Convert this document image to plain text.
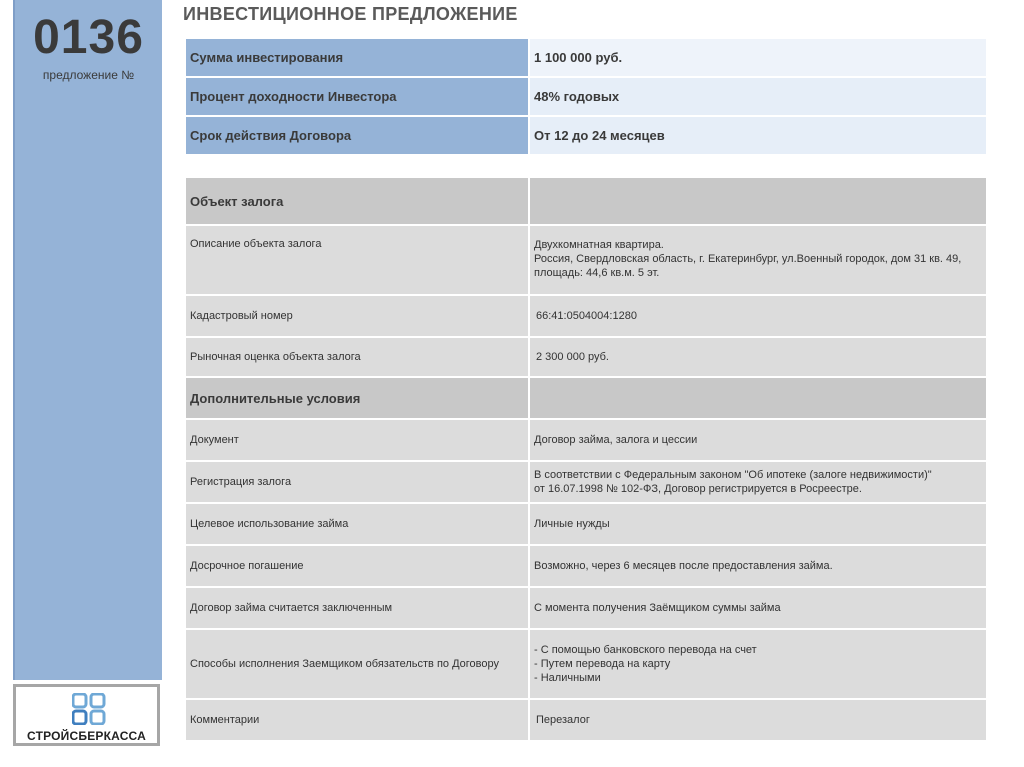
0136
предложение №
СТРОЙСБЕРКАССА
ИНВЕСТИЦИОННОЕ ПРЕДЛОЖЕНИЕ
Сумма инвестирования	1 100 000 руб.
Процент доходности Инвестора	48% годовых
Срок действия Договора	От 12 до 24 месяцев
Объект залога	
Описание объекта залога	Двухкомнатная квартира.
Россия, Свердловская область, г. Екатеринбург, ул.Военный городок, дом 31 кв. 49,
площадь: 44,6 кв.м. 5 эт.

Кадастровый номер	66:41:0504004:1280
Рыночная оценка объекта залога	2 300 000 руб.
Дополнительные условия	
Документ	Договор займа, залога и цессии
Регистрация залога	В соответствии с Федеральным законом "Об ипотеке (залоге недвижимости)"
от 16.07.1998 № 102-ФЗ, Договор регистрируется в Росреестре.

Целевое использование займа	Личные нужды
Досрочное погашение	Возможно, через 6 месяцев после предоставления займа.
Договор займа считается заключенным	С момента получения Заёмщиком суммы займа
Способы исполнения Заемщиком обязательств по Договору	- С помощью банковского перевода на счет
- Путем перевода на карту
- Наличными

Комментарии	Перезалог
